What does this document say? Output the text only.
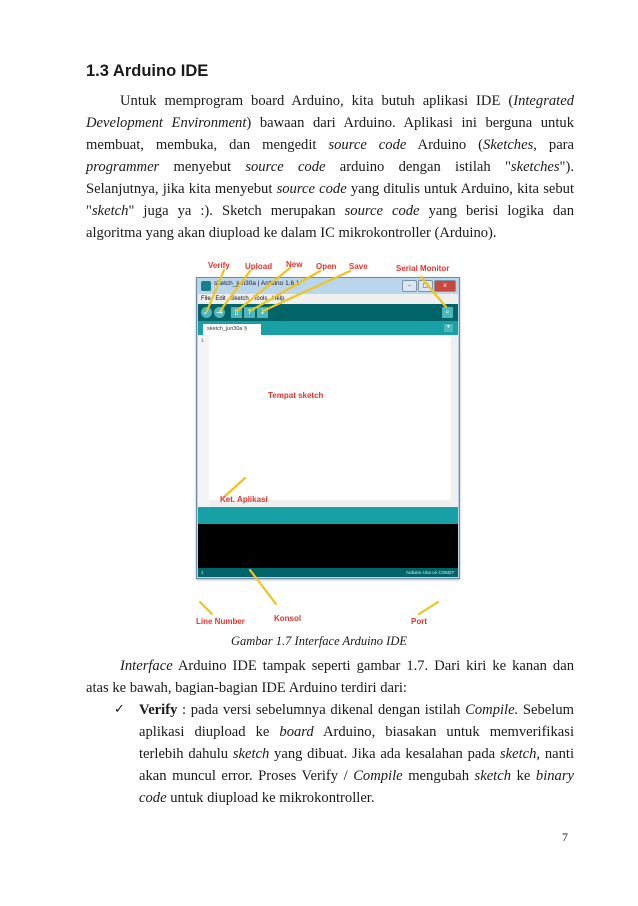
1.3 Arduino IDE

Untuk memprogram board Arduino, kita butuh aplikasi IDE (Integrated Development Environment) bawaan dari Arduino. Aplikasi ini berguna untuk membuat, membuka, dan mengedit source code Arduino (Sketches, para programmer menyebut source code arduino dengan istilah "sketches"). Selanjutnya, jika kita menyebut source code yang ditulis untuk Arduino, kita sebut "sketch" juga ya :). Sketch merupakan source code yang berisi logika dan algoritma yang akan diupload ke dalam IC mikrokontroller (Arduino).

sketch_jun30a | Arduino 1.6.1	–	□	x
File Edit Sketch Tools Help
✓ →	▯	↑	↓	⌕
sketch_jun30a §	▼
1
1	Arduino Uno on COM27
Verify Upload New Open Save	Serial Monitor
Tempat sketch
Ket. Aplikasi
Line Number	Konsol	Port
Gambar 1.7 Interface Arduino IDE

Interface Arduino IDE tampak seperti gambar 1.7. Dari kiri ke kanan dan atas ke bawah, bagian-bagian IDE Arduino terdiri dari:

✓ Verify : pada versi sebelumnya dikenal dengan istilah Compile. Sebelum aplikasi diupload ke board Arduino, biasakan untuk memverifikasi terlebih dahulu sketch yang dibuat. Jika ada kesalahan pada sketch, nanti akan muncul error. Proses Verify / Compile mengubah sketch ke binary code untuk diupload ke mikrokontroller.
7
